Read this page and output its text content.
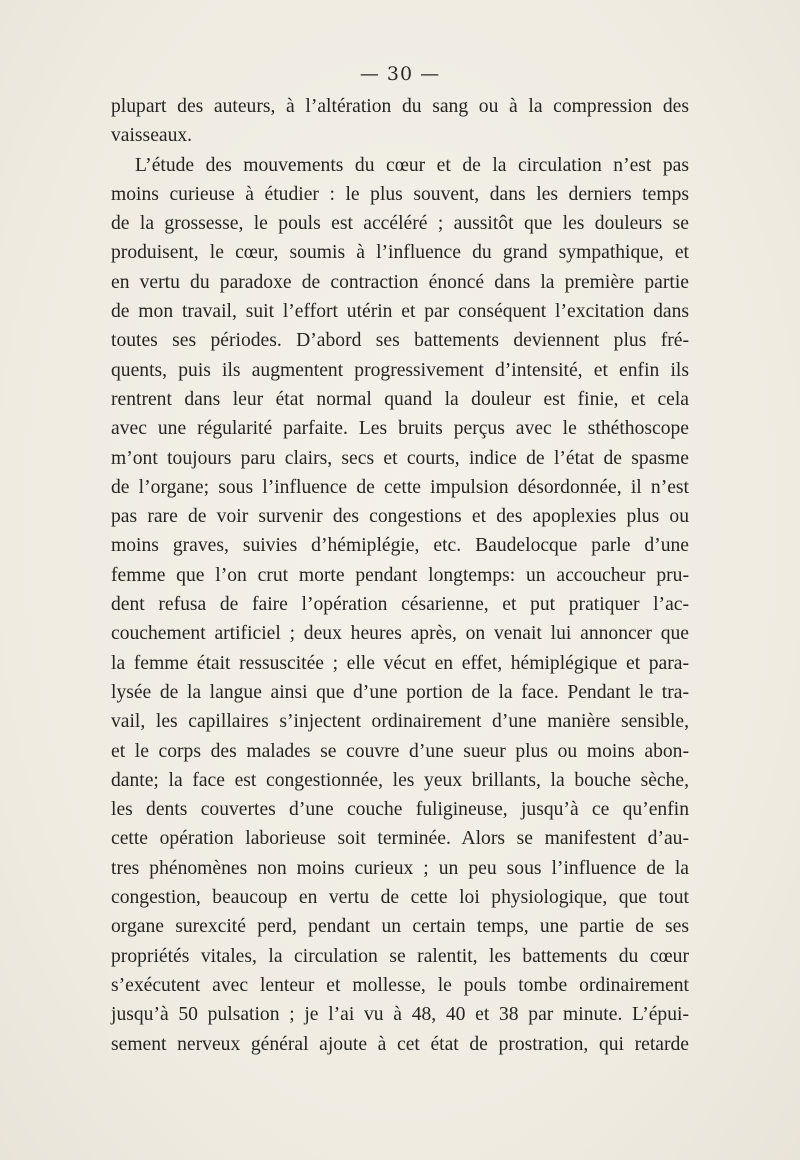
— 30 —
plupart des auteurs, à l’altération du sang ou à la compression des
vaisseaux.
L’étude des mouvements du cœur et de la circulation n’est pas
moins curieuse à étudier : le plus souvent, dans les derniers temps
de la grossesse, le pouls est accéléré ; aussitôt que les douleurs se
produisent, le cœur, soumis à l’influence du grand sympathique, et
en vertu du paradoxe de contraction énoncé dans la première partie
de mon travail, suit l’effort utérin et par conséquent l’excitation dans
toutes ses périodes. D’abord ses battements deviennent plus fré-
quents, puis ils augmentent progressivement d’intensité, et enfin ils
rentrent dans leur état normal quand la douleur est finie, et cela
avec une régularité parfaite. Les bruits perçus avec le sthéthoscope
m’ont toujours paru clairs, secs et courts, indice de l’état de spasme
de l’organe; sous l’influence de cette impulsion désordonnée, il n’est
pas rare de voir survenir des congestions et des apoplexies plus ou
moins graves, suivies d’hémiplégie, etc. Baudelocque parle d’une
femme que l’on crut morte pendant longtemps: un accoucheur pru-
dent refusa de faire l’opération césarienne, et put pratiquer l’ac-
couchement artificiel ; deux heures après, on venait lui annoncer que
la femme était ressuscitée ; elle vécut en effet, hémiplégique et para-
lysée de la langue ainsi que d’une portion de la face. Pendant le tra-
vail, les capillaires s’injectent ordinairement d’une manière sensible,
et le corps des malades se couvre d’une sueur plus ou moins abon-
dante; la face est congestionnée, les yeux brillants, la bouche sèche,
les dents couvertes d’une couche fuligineuse, jusqu’à ce qu’enfin
cette opération laborieuse soit terminée. Alors se manifestent d’au-
tres phénomènes non moins curieux ; un peu sous l’influence de la
congestion, beaucoup en vertu de cette loi physiologique, que tout
organe surexcité perd, pendant un certain temps, une partie de ses
propriétés vitales, la circulation se ralentit, les battements du cœur
s’exécutent avec lenteur et mollesse, le pouls tombe ordinairement
jusqu’à 50 pulsation ; je l’ai vu à 48, 40 et 38 par minute. L’épui-
sement nerveux général ajoute à cet état de prostration, qui retarde
